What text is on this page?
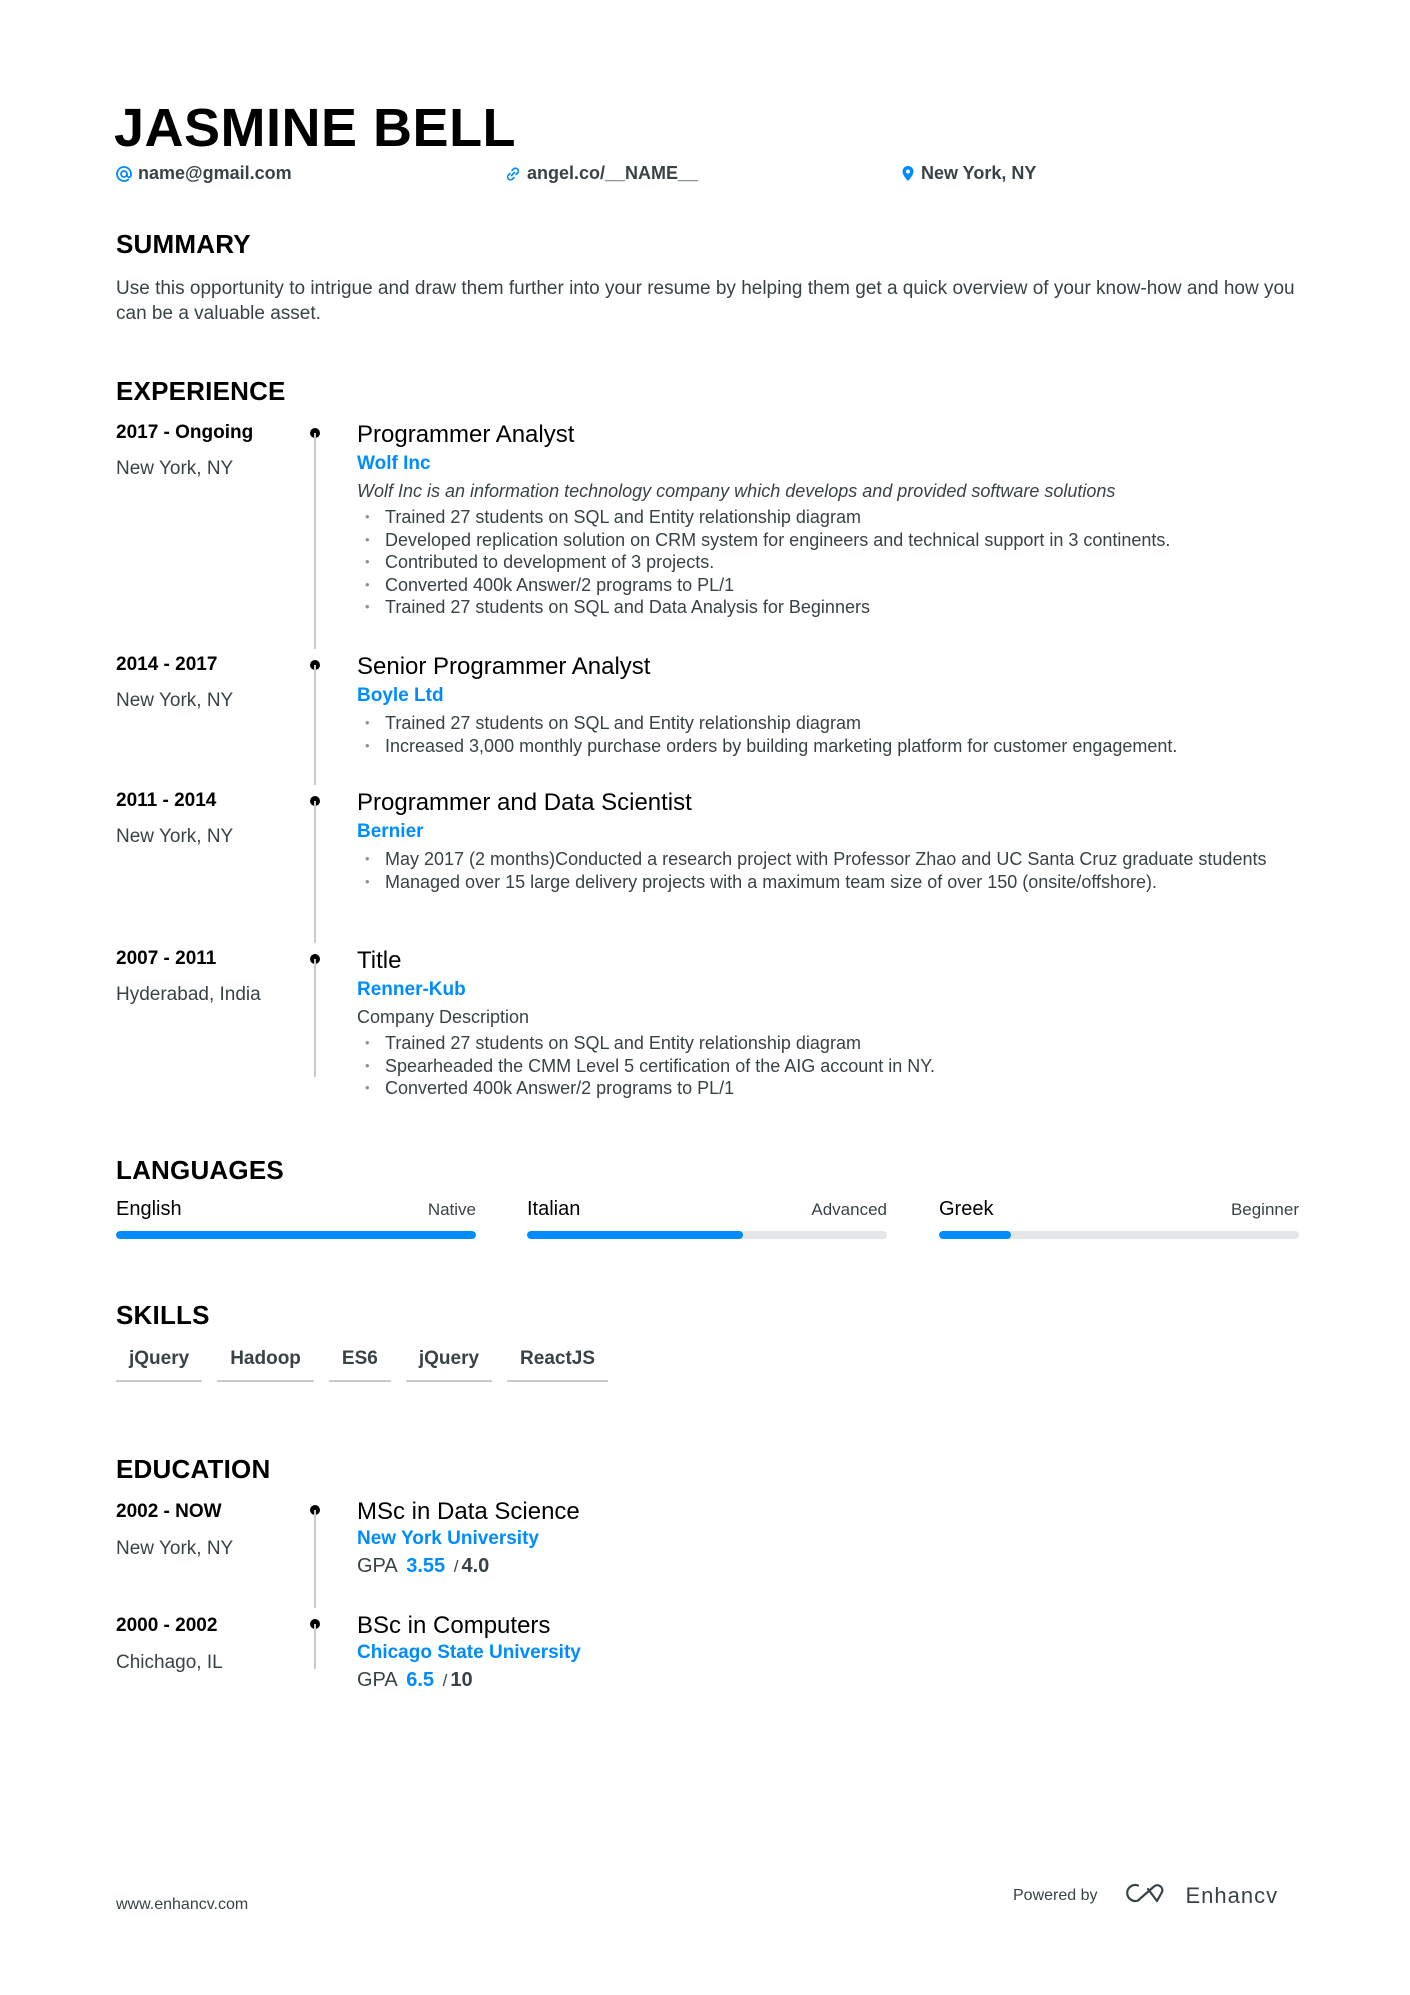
JASMINE BELL
name@gmail.com	angel.co/__NAME__	New York, NY
SUMMARY
Use this opportunity to intrigue and draw them further into your resume by helping them get a quick overview of your know-how and how you can be a valuable asset.
EXPERIENCE
2017 - Ongoing
New York, NY
Programmer Analyst
Wolf Inc
Wolf Inc is an information technology company which develops and provided software solutions
• Trained 27 students on SQL and Entity relationship diagram
• Developed replication solution on CRM system for engineers and technical support in 3 continents.
• Contributed to development of 3 projects.
• Converted 400k Answer/2 programs to PL/1
• Trained 27 students on SQL and Data Analysis for Beginners
2014 - 2017
New York, NY
Senior Programmer Analyst
Boyle Ltd
• Trained 27 students on SQL and Entity relationship diagram
• Increased 3,000 monthly purchase orders by building marketing platform for customer engagement.
2011 - 2014
New York, NY
Programmer and Data Scientist
Bernier
• May 2017 (2 months)Conducted a research project with Professor Zhao and UC Santa Cruz graduate students
• Managed over 15 large delivery projects with a maximum team size of over 150 (onsite/offshore).
2007 - 2011
Hyderabad, India
Title
Renner-Kub
Company Description
• Trained 27 students on SQL and Entity relationship diagram
• Spearheaded the CMM Level 5 certification of the AIG account in NY.
• Converted 400k Answer/2 programs to PL/1
LANGUAGES
English	Native	Italian	Advanced	Greek	Beginner
SKILLS
jQuery	Hadoop	ES6	jQuery	ReactJS
EDUCATION
2002 - NOW
New York, NY
MSc in Data Science
New York University
GPA 3.55 / 4.0
2000 - 2002
Chichago, IL
BSc in Computers
Chicago State University
GPA 6.5 / 10
www.enhancv.com
Powered by	Enhancv
